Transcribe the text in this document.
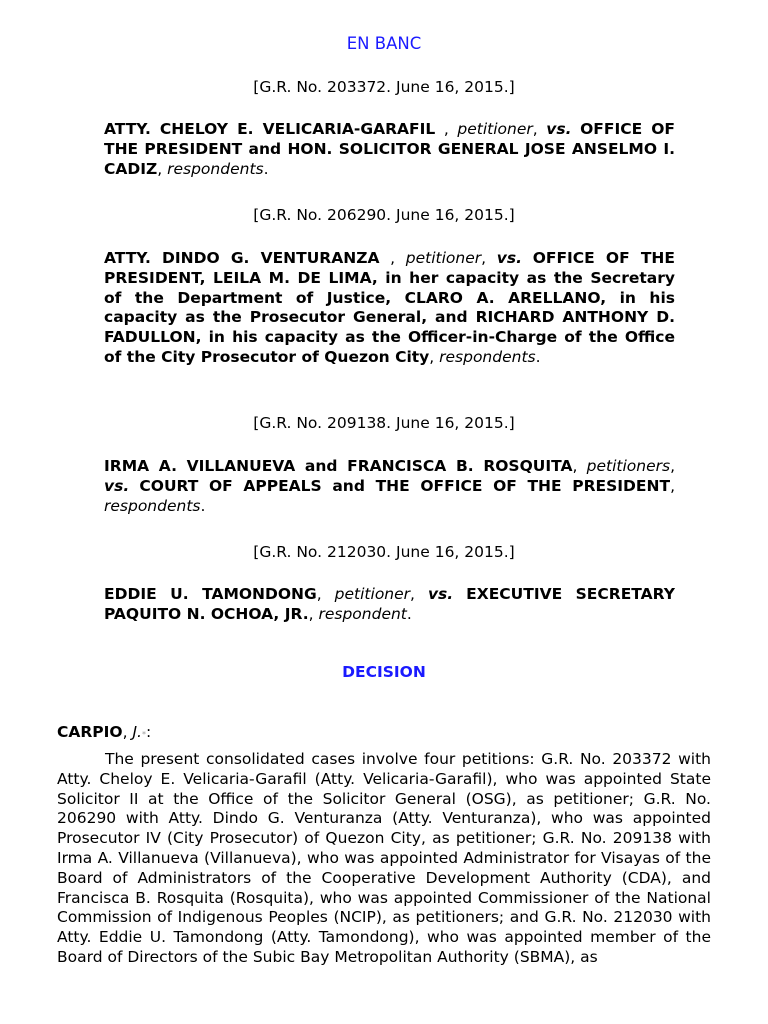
EN BANC
[G.R. No. 203372. June 16, 2015.]
ATTY. CHELOY E. VELICARIA-GARAFIL , petitioner, vs. OFFICE OF THE PRESIDENT and HON. SOLICITOR GENERAL JOSE ANSELMO I. CADIZ, respondents.
[G.R. No. 206290. June 16, 2015.]
ATTY. DINDO G. VENTURANZA , petitioner, vs. OFFICE OF THE PRESIDENT, LEILA M. DE LIMA, in her capacity as the Secretary of the Department of Justice, CLARO A. ARELLANO, in his capacity as the Prosecutor General, and RICHARD ANTHONY D. FADULLON, in his capacity as the Officer-in-Charge of the Office of the City Prosecutor of Quezon City, respondents.
[G.R. No. 209138. June 16, 2015.]
IRMA A. VILLANUEVA and FRANCISCA B. ROSQUITA, petitioners, vs. COURT OF APPEALS and THE OFFICE OF THE PRESIDENT, respondents.
[G.R. No. 212030. June 16, 2015.]
EDDIE U. TAMONDONG, petitioner, vs. EXECUTIVE SECRETARY PAQUITO N. OCHOA, JR., respondent.
DECISION
CARPIO, J.*:
The present consolidated cases involve four petitions: G.R. No. 203372 with Atty. Cheloy E. Velicaria-Garafil (Atty. Velicaria-Garafil), who was appointed State Solicitor II at the Office of the Solicitor General (OSG), as petitioner; G.R. No. 206290 with Atty. Dindo G. Venturanza (Atty. Venturanza), who was appointed Prosecutor IV (City Prosecutor) of Quezon City, as petitioner; G.R. No. 209138 with Irma A. Villanueva (Villanueva), who was appointed Administrator for Visayas of the Board of Administrators of the Cooperative Development Authority (CDA), and Francisca B. Rosquita (Rosquita), who was appointed Commissioner of the National Commission of Indigenous Peoples (NCIP), as petitioners; and G.R. No. 212030 with Atty. Eddie U. Tamondong (Atty. Tamondong), who was appointed member of the Board of Directors of the Subic Bay Metropolitan Authority (SBMA), as
